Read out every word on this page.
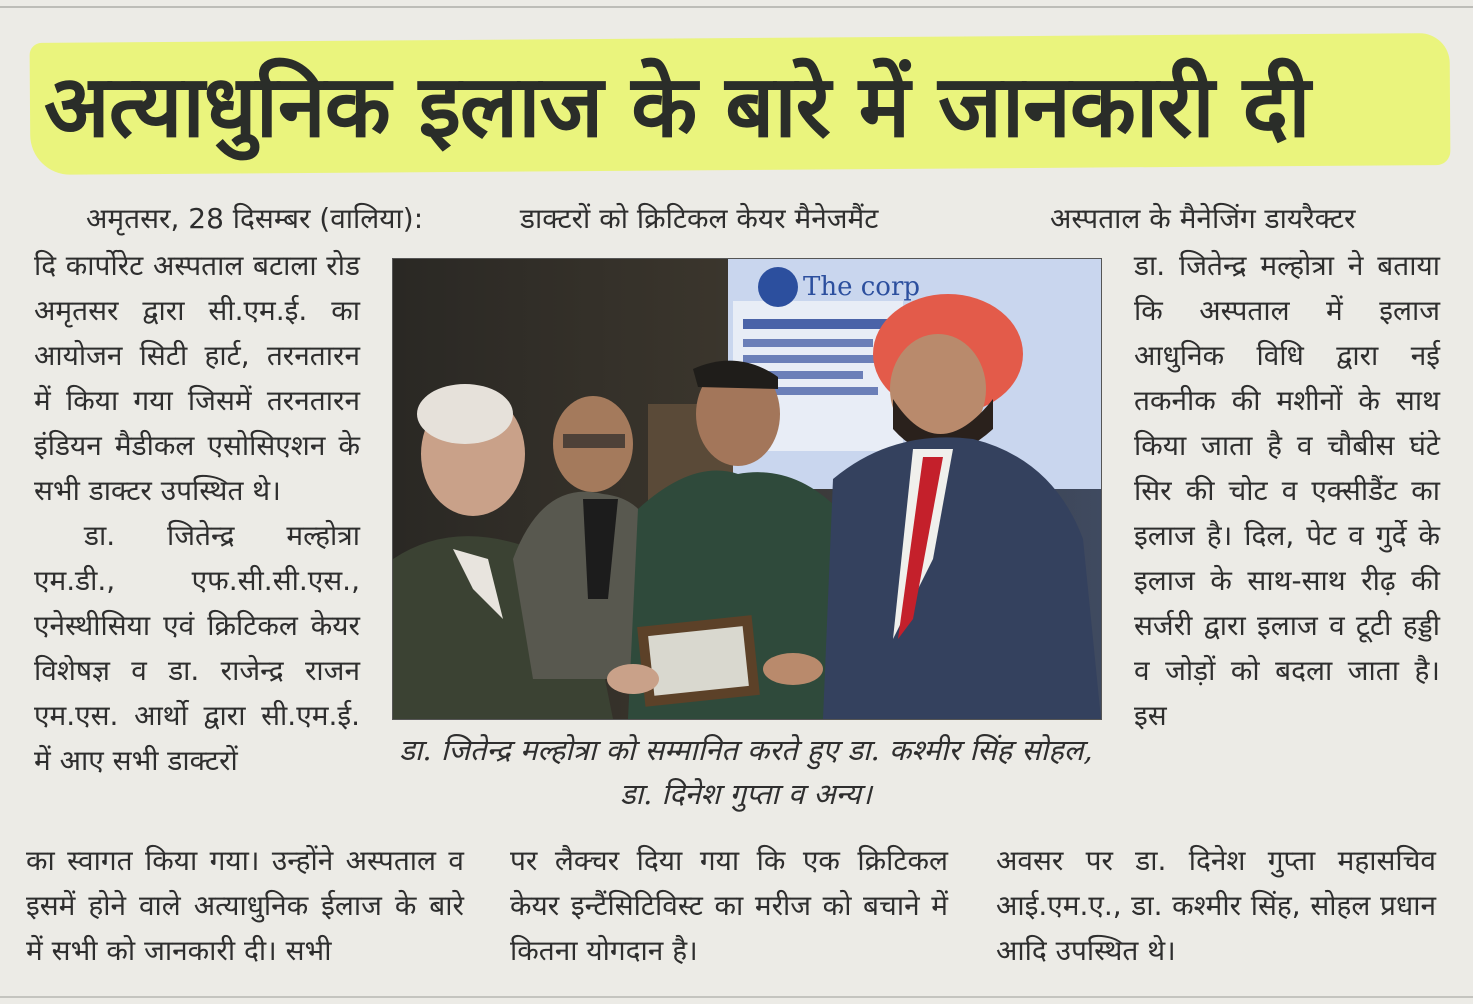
अत्याधुनिक इलाज के बारे में जानकारी दी
अमृतसर, 28 दिसम्बर (वालिया):

दि कार्पोरेट अस्पताल बटाला रोड अमृतसर द्वारा सी.एम.ई. का आयोजन सिटी हार्ट, तरनतारन में किया गया जिसमें तरनतारन इंडियन मैडीकल एसोसिएशन के सभी डाक्टर उपस्थित थे।

डा. जितेन्द्र मल्होत्रा एम.डी., एफ.सी.सी.एस., एनेस्थीसिया एवं क्रिटिकल केयर विशेषज्ञ व डा. राजेन्द्र राजन एम.एस. आर्थो द्वारा सी.एम.ई. में आए सभी डाक्टरों

डाक्टरों को क्रिटिकल केयर मैनेजमैंट
The corp
डा. जितेन्द्र मल्होत्रा को सम्मानित करते हुए डा. कश्मीर सिंह सोहल, डा. दिनेश गुप्ता व अन्य।
अस्पताल के मैनेजिंग डायरैक्टर

डा. जितेन्द्र मल्होत्रा ने बताया कि अस्पताल में इलाज आधुनिक विधि द्वारा नई तकनीक की मशीनों के साथ किया जाता है व चौबीस घंटे सिर की चोट व एक्सीडैंट का इलाज है। दिल, पेट व गुर्दे के इलाज के साथ-साथ रीढ़ की सर्जरी द्वारा इलाज व टूटी हड्डी व जोड़ों को बदला जाता है। इस

का स्वागत किया गया। उन्होंने अस्पताल व इसमें होने वाले अत्याधुनिक ईलाज के बारे में सभी को जानकारी दी। सभी

पर लैक्चर दिया गया कि एक क्रिटिकल केयर इन्टैंसिटिविस्ट का मरीज को बचाने में कितना योगदान है।

अवसर पर डा. दिनेश गुप्ता महासचिव आई.एम.ए., डा. कश्मीर सिंह, सोहल प्रधान आदि उपस्थित थे।
